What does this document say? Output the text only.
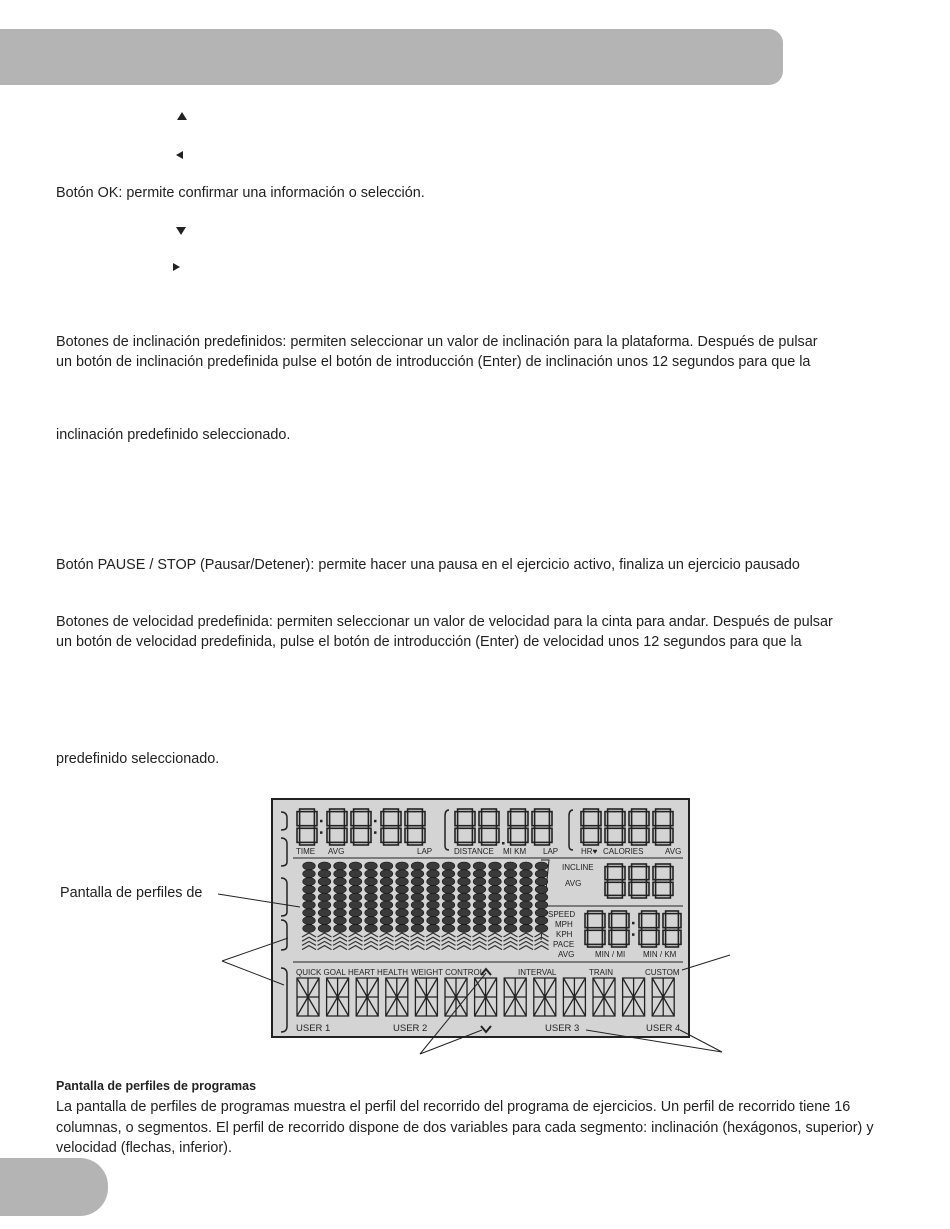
Botón OK: permite confirmar una información o selección.
Botones de inclinación predefinidos: permiten seleccionar un valor de inclinación para la plataforma. Después de pulsar
un botón de inclinación predefinida pulse el botón de introducción (Enter) de inclinación unos 12 segundos para que la
inclinación predefinido seleccionado.
Botón PAUSE / STOP (Pausar/Detener): permite hacer una pausa en el ejercicio activo, finaliza un ejercicio pausado
Botones de velocidad predefinida: permiten seleccionar un valor de velocidad para la cinta para andar. Después de pulsar
un botón de velocidad predefinida, pulse el botón de introducción (Enter) de velocidad unos 12 segundos para que la
predefinido seleccionado.
Pantalla de perfiles de
TIME AVG	LAP	DISTANCE MI KM LAP	HR♥ CALORIES	AVG
INCLINE
AVG
SPEED
MPH
KPH
PACE
AVG	MIN / MI MIN / KM
QUICK GOAL HEART HEALTH WEIGHT CONTROL	INTERVAL	TRAIN	CUSTOM
USER 1	USER 2	USER 3	USER 4
Pantalla de perfiles de programas
La pantalla de perfiles de programas muestra el perfil del recorrido del programa de ejercicios. Un perfil de recorrido tiene 16 columnas, o segmentos. El perfil de recorrido dispone de dos variables para cada segmento: inclinación (hexágonos, superior) y velocidad (flechas, inferior).
